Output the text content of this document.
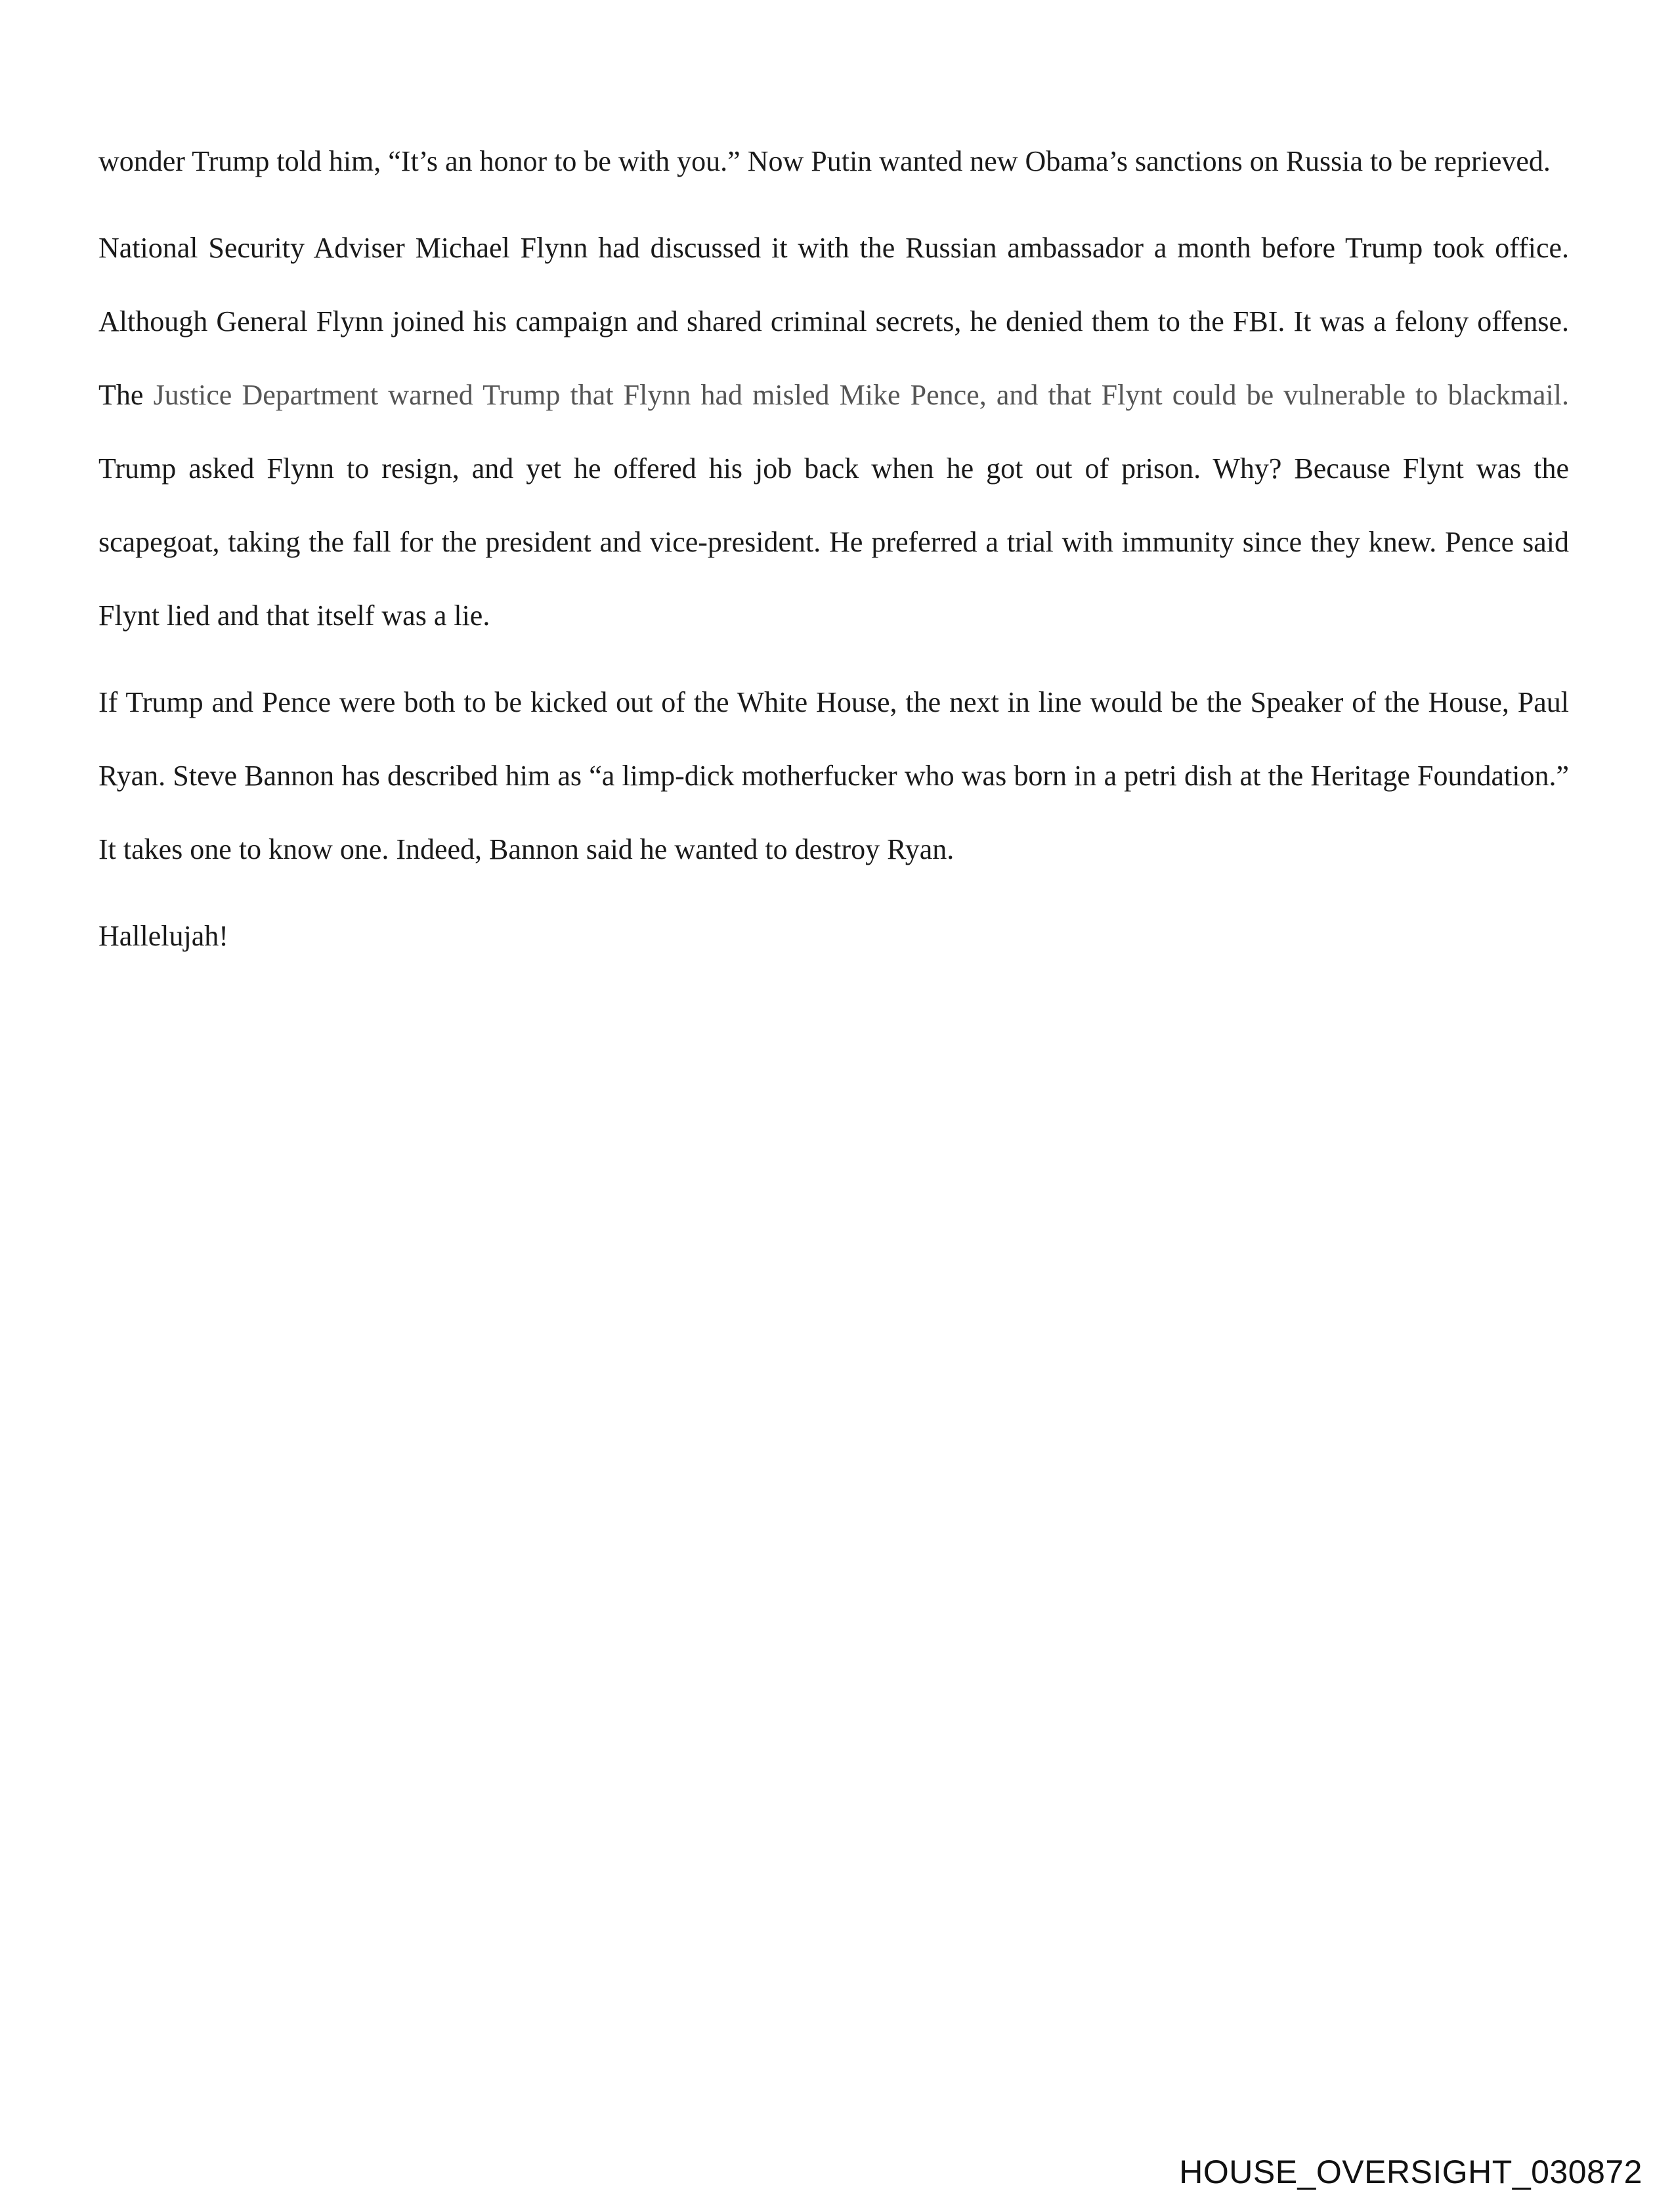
wonder Trump told him, “It’s an honor to be with you.” Now Putin wanted new Obama’s sanctions on Russia to be reprieved.

National Security Adviser Michael Flynn had discussed it with the Russian ambassador a month before Trump took office. Although General Flynn joined his campaign and shared criminal secrets, he denied them to the FBI. It was a felony offense. The Justice Department warned Trump that Flynn had misled Mike Pence, and that Flynt could be vulnerable to blackmail. Trump asked Flynn to resign, and yet he offered his job back when he got out of prison. Why? Because Flynt was the scapegoat, taking the fall for the president and vice-president. He preferred a trial with immunity since they knew. Pence said Flynt lied and that itself was a lie.

If Trump and Pence were both to be kicked out of the White House, the next in line would be the Speaker of the House, Paul Ryan. Steve Bannon has described him as “a limp-dick motherfucker who was born in a petri dish at the Heritage Foundation.” It takes one to know one. Indeed, Bannon said he wanted to destroy Ryan.

Hallelujah!

HOUSE_OVERSIGHT_030872
